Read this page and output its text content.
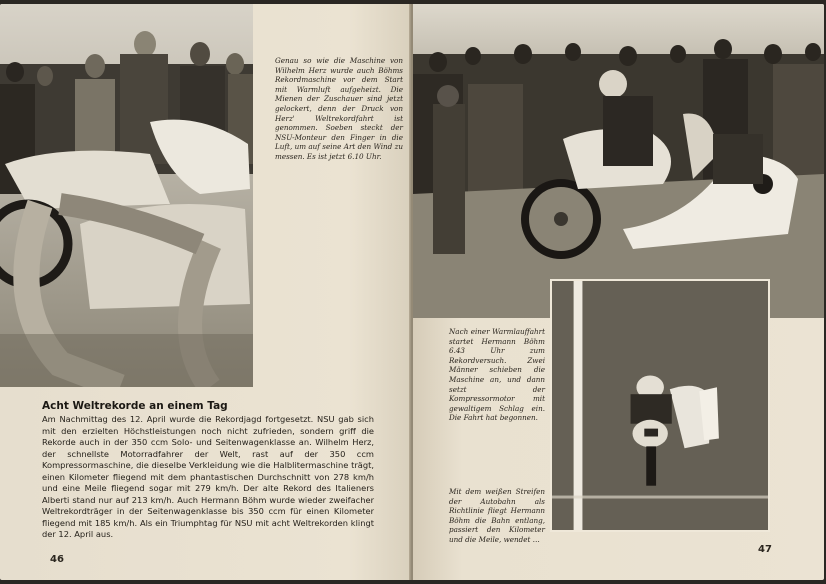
Genau so wie die Maschine von Wilhelm Herz wurde auch Böhms Rekordmaschine vor dem Start mit Warmluft aufgeheizt. Die Mienen der Zuschauer sind jetzt gelockert, denn der Druck von Herz' Weltrekordfahrt ist genommen. Soeben steckt der NSU-Monteur den Finger in die Luft, um auf seine Art den Wind zu messen. Es ist jetzt 6.10 Uhr.

Acht Weltrekorde an einem Tag

Am Nachmittag des 12. April wurde die Rekordjagd fortgesetzt. NSU gab sich mit den erzielten Höchstleistungen noch nicht zufrieden, sondern griff die Rekorde auch in der 350 ccm Solo- und Seitenwagenklasse an. Wilhelm Herz, der schnellste Motorradfahrer der Welt, rast auf der 350 ccm Kompressormaschine, die dieselbe Verkleidung wie die Halblitermaschine trägt, einen Kilometer fliegend mit dem phantastischen Durchschnitt von 278 km/h und eine Meile fliegend sogar mit 279 km/h. Der alte Rekord des Italieners Alberti stand nur auf 213 km/h. Auch Hermann Böhm wurde wieder zweifacher Weltrekordträger in der Seitenwagenklasse bis 350 ccm für einen Kilometer fliegend mit 185 km/h. Als ein Triumphtag für NSU mit acht Weltrekorden klingt der 12. April aus.

46

Nach einer Warmlauffahrt startet Hermann Böhm 6.43 Uhr zum Rekordversuch. Zwei Männer schieben die Maschine an, und dann setzt der Kompressormotor mit gewaltigem Schlag ein. Die Fahrt hat begonnen.

Mit dem weißen Streifen der Autobahn als Richtlinie fliegt Hermann Böhm die Bahn entlang, passiert den Kilometer und die Meile, wendet …

47
